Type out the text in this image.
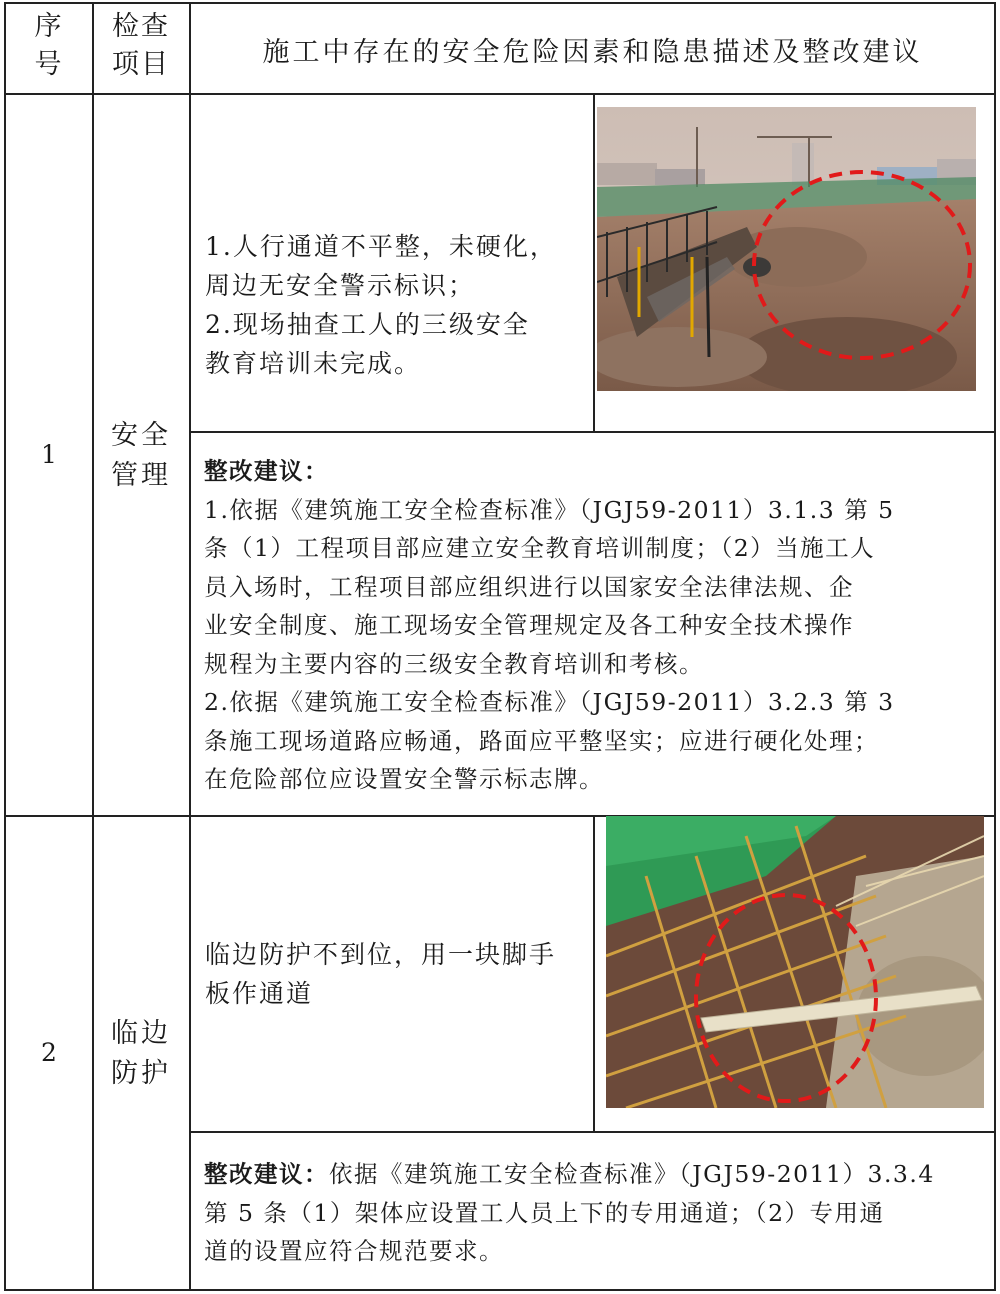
序号
检查项目	施工中存在的安全危险因素和隐患描述及整改建议
1
安全管理
1.人行通道不平整，未硬化，
周边无安全警示标识；
2.现场抽查工人的三级安全
教育培训未完成。
整改建议：
1.依据《建筑施工安全检查标准》（JGJ59-2011）3.1.3 第 5
条（1）工程项目部应建立安全教育培训制度；（2）当施工人
员入场时，工程项目部应组织进行以国家安全法律法规、企
业安全制度、施工现场安全管理规定及各工种安全技术操作
规程为主要内容的三级安全教育培训和考核。
2.依据《建筑施工安全检查标准》（JGJ59-2011）3.2.3 第 3
条施工现场道路应畅通，路面应平整坚实；应进行硬化处理；
在危险部位应设置安全警示标志牌。
2
临边防护
临边防护不到位，用一块脚手
板作通道
整改建议：依据《建筑施工安全检查标准》（JGJ59-2011）3.3.4
第 5 条（1）架体应设置工人员上下的专用通道；（2）专用通
道的设置应符合规范要求。
